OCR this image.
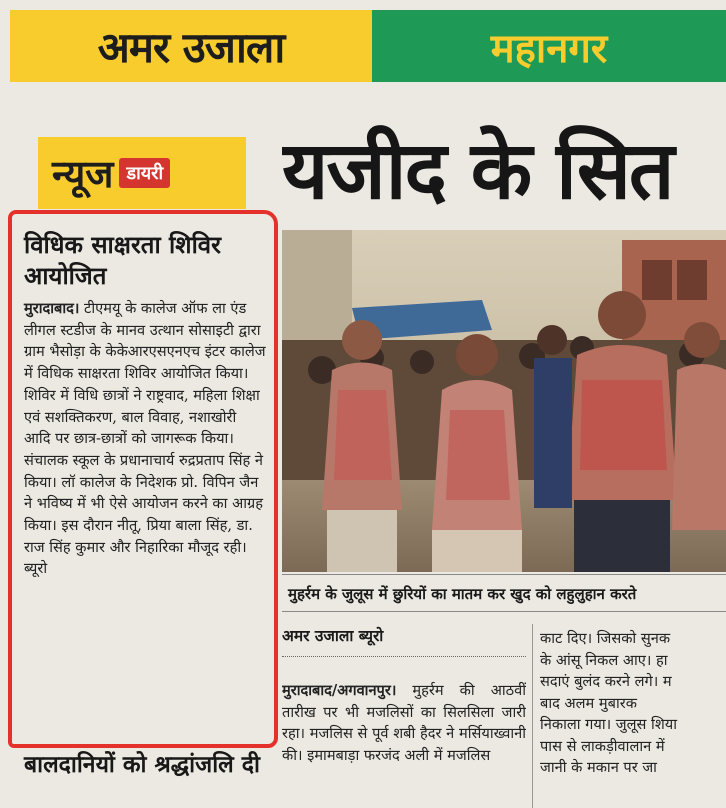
अमर उजाला	महानगर
न्यूज डायरी यजीद के सित
विधिक साक्षरता शिविर आयोजित
मुरादाबाद। टीएमयू के कालेज ऑफ ला एंड लीगल स्टडीज के मानव उत्थान सोसाइटी द्वारा ग्राम भैसोड़ा के केकेआरएसएनएच इंटर कालेज में विधिक साक्षरता शिविर आयोजित किया। शिविर में विधि छात्रों ने राष्ट्रवाद, महिला शिक्षा एवं सशक्तिकरण, बाल विवाह, नशाखोरी आदि पर छात्र-छात्रों को जागरूक किया। संचालक स्कूल के प्रधानाचार्य रुद्रप्रताप सिंह ने किया। लॉ कालेज के निदेशक प्रो. विपिन जैन ने भविष्य में भी ऐसे आयोजन करने का आग्रह किया। इस दौरान नीतू, प्रिया बाला सिंह, डा. राज सिंह कुमार और निहारिका मौजूद रही। ब्यूरो
बालदानियों को श्रद्धांजलि दी
मुहर्रम के जुलूस में छुरियों का मातम कर खुद को लहुलुहान करते
अमर उजाला ब्यूरो
मुरादाबाद/अगवानपुर। मुहर्रम की आठवीं तारीख पर भी मजलिसों का सिलसिला जारी रहा। मजलिस से पूर्व शबी हैदर ने मर्सियाख्वानी की। इमामबाड़ा फरजंद अली में मजलिस
काट दिए। जिसको सुनक
के आंसू निकल आए। हा
सदाएं बुलंद करने लगे। म
बाद अलम मुबारक
निकाला गया। जुलूस शिया
पास से लाकड़ीवालान में
जानी के मकान पर जा
